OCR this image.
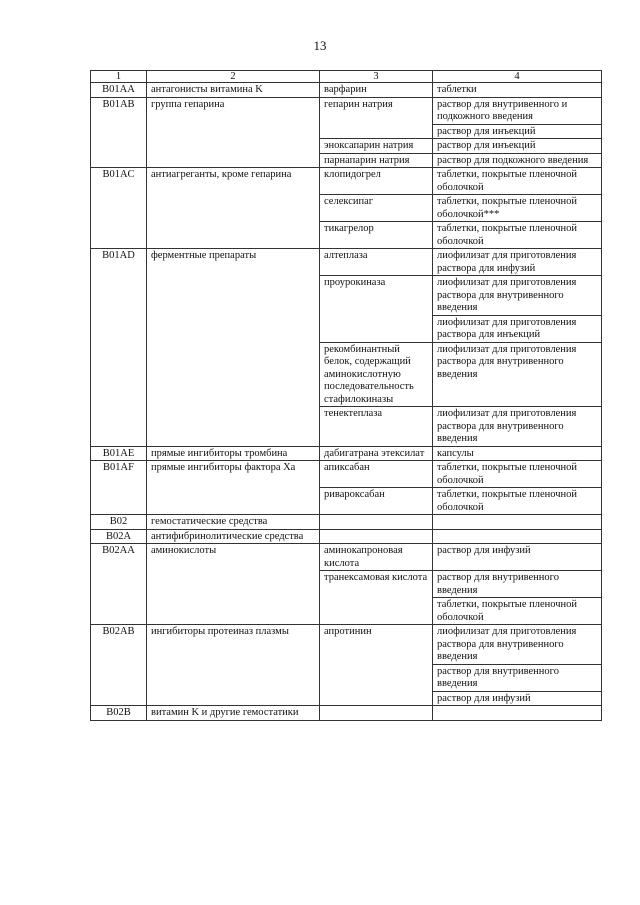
13
1	2	3	4
B01AA	антагонисты витамина K	варфарин	таблетки
B01AB	группа гепарина	гепарин натрия	раствор для внутривенного и подкожного введения
			раствор для инъекций
		эноксапарин натрия	раствор для инъекций
		парнапарин натрия	раствор для подкожного введения
B01AC	антиагреганты, кроме гепарина	клопидогрел	таблетки, покрытые пленочной оболочкой
		селексипаг	таблетки, покрытые пленочной оболочкой***
		тикагрелор	таблетки, покрытые пленочной оболочкой
B01AD	ферментные препараты	алтеплаза	лиофилизат для приготовления раствора для инфузий
		проурокиназа	лиофилизат для приготовления раствора для внутривенного введения
			лиофилизат для приготовления раствора для инъекций
		рекомбинантный белок, содержащий аминокислотную последовательность стафилокиназы	лиофилизат для приготовления раствора для внутривенного введения
		тенектеплаза	лиофилизат для приготовления раствора для внутривенного введения
B01AE	прямые ингибиторы тромбина	дабигатрана этексилат	капсулы
B01AF	прямые ингибиторы фактора Xa	апиксабан	таблетки, покрытые пленочной оболочкой
		ривароксабан	таблетки, покрытые пленочной оболочкой
B02	гемостатические средства		
B02A	антифибринолитические средства		
B02AA	аминокислоты	аминокапроновая кислота	раствор для инфузий
		транексамовая кислота	раствор для внутривенного введения
			таблетки, покрытые пленочной оболочкой
B02AB	ингибиторы протеиназ плазмы	апротинин	лиофилизат для приготовления раствора для внутривенного введения
			раствор для внутривенного введения
			раствор для инфузий
B02B	витамин K и другие гемостатики		
